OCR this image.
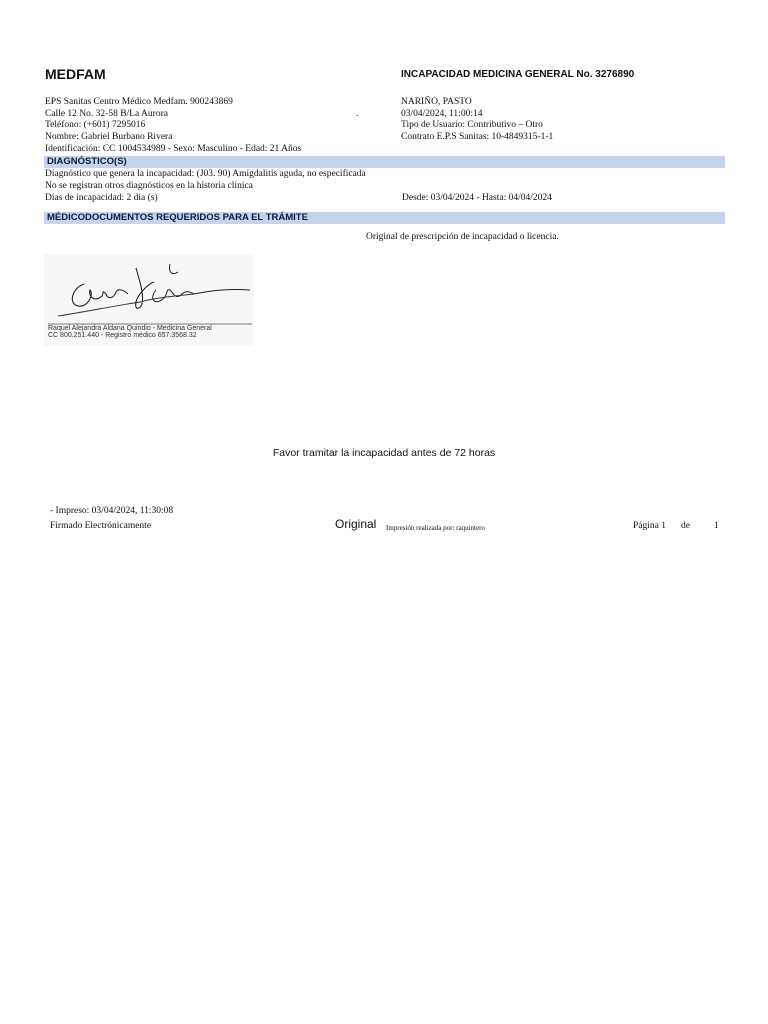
MEDFAM	INCAPACIDAD MEDICINA GENERAL No. 3276890
EPS Sanitas Centro Médico Medfam. 900243869
Calle 12 No. 32-58 B/La Aurora
Teléfono: (+601) 7295016
Nombre: Gabriel Burbano Rivera
Identificación: CC 1004534989 - Sexo: Masculino - Edad: 21 Años
.
NARIÑO, PASTO
03/04/2024, 11:00:14
Tipo de Usuario: Contributivo – Otro
Contrato E.P.S Sanitas: 10-4849315-1-1
DIAGNÓSTICO(S)
Diagnóstico que genera la incapacidad: (J03. 90) Amigdalitis aguda, no especificada
No se registran otros diagnósticos en la historia clínica
Días de incapacidad: 2 día (s)	Desde: 03/04/2024 - Hasta: 04/04/2024
MÉDICODOCUMENTOS REQUERIDOS PARA EL TRÁMITE
Original de prescripción de incapacidad o licencia.
Raquel Alejandra Aldana Quindio - Medicina General CC 800.251.440 - Registro médico 657.3568.32
Favor tramitar la incapacidad antes de 72 horas
- Impreso: 03/04/2024, 11:30:08
Firmado Electrónicamente	Original Impresión realizada por: raquintero	Página 1 de	1
